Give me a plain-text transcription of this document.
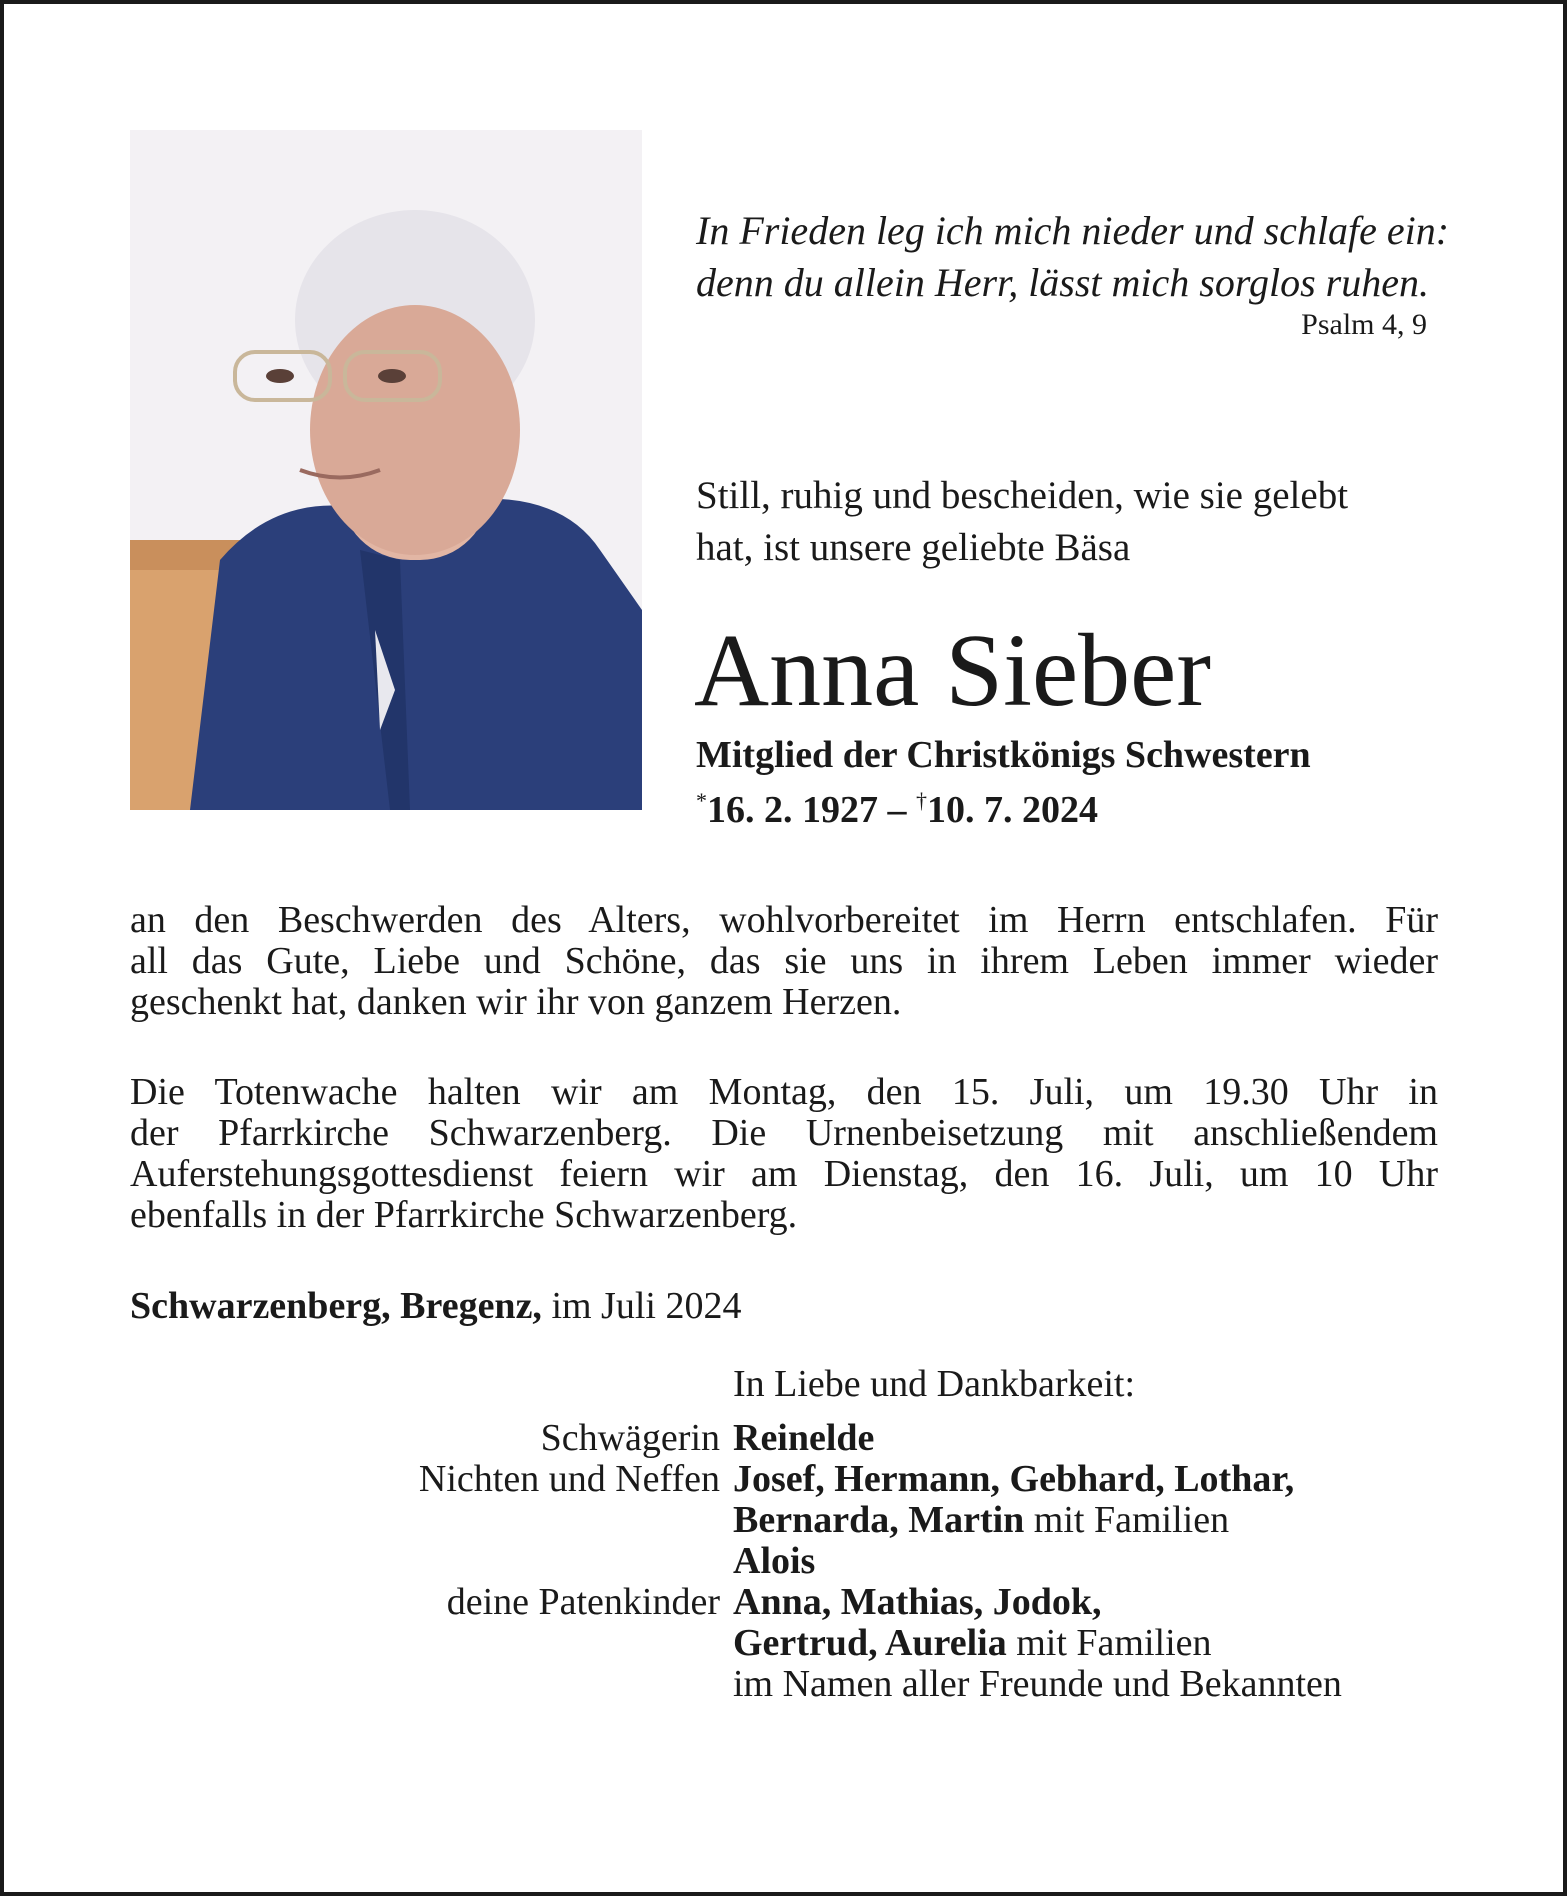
In Frieden leg ich mich nieder und schlafe ein:
denn du allein Herr, lässt mich sorglos ruhen.
Psalm 4, 9
Still, ruhig und bescheiden, wie sie gelebt
hat, ist unsere geliebte Bäsa
Anna Sieber
Mitglied der Christkönigs Schwestern
*16. 2. 1927 – †10. 7. 2024
an den Beschwerden des Alters, wohlvorbereitet im Herrn entschlafen. Für
all das Gute, Liebe und Schöne, das sie uns in ihrem Leben immer wieder
geschenkt hat, danken wir ihr von ganzem Herzen.
Die Totenwache halten wir am Montag, den 15. Juli, um 19.30 Uhr in
der Pfarrkirche Schwarzenberg. Die Urnenbeisetzung mit anschließendem
Auferstehungsgottesdienst feiern wir am Dienstag, den 16. Juli, um 10 Uhr
ebenfalls in der Pfarrkirche Schwarzenberg.
Schwarzenberg, Bregenz, im Juli 2024
In Liebe und Dankbarkeit:
Schwägerin Reinelde
Nichten und Neffen Josef, Hermann, Gebhard, Lothar,
Bernarda, Martin mit Familien
Alois
deine Patenkinder Anna, Mathias, Jodok,
Gertrud, Aurelia mit Familien
im Namen aller Freunde und Bekannten
